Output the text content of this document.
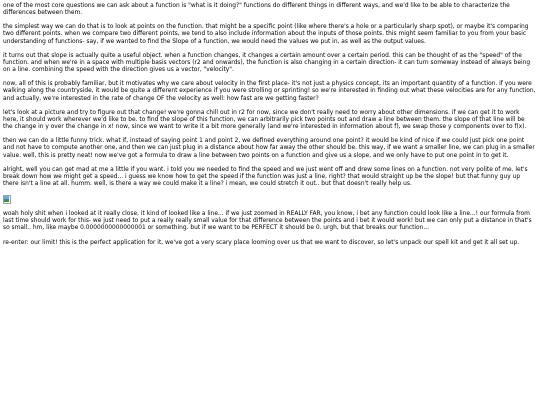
one of the most core questions we can ask about a function is "what is it doing?" functions do different things in different ways, and we'd like to be able to characterize the differences between them.

the simplest way we can do that is to look at points on the function. that might be a specific point (like where there's a hole or a particularly sharp spot), or maybe it's comparing two different points. when we compare two different points, we tend to also include information about the inputs of those points. this might seem familiar to you from your basic understanding of functions- say, if we wanted to find the Slope of a function, we would need the values we put in, as well as the output values.

it turns out that slope is actually quite a useful object. when a function changes, it changes a certain amount over a certain period. this can be thought of as the "speed" of the function. and when we're in a space with multiple basis vectors (r2 and onwards), the function is also changing in a certain direction- it can turn someway instead of always being on a line. combining the speed with the direction gives us a vector, "velocity".

now, all of this is probably familiar, but it motivates why we care about velocity in the first place- it's not just a physics concept, its an important quantity of a function. if you were walking along the countryside, it would be quite a different experience if you were strolling or sprinting! so we're interested in finding out what these velocities are for any function, and actually, we're interested in the rate of change OF the velocity as well: how fast are we getting faster?

let's look at a picture and try to figure out that change! we're gonna chill out in r2 for now, since we don't really need to worry about other dimensions. if we can get it to work here, it should work wherever we'd like to be. to find the slope of this function, we can arbitrarily pick two points out and draw a line between them. the slope of that line will be the change in y over the change in x! now, since we want to write it a bit more generally (and we're interested in information about f), we swap those y components over to f(x).

then we can do a little funny trick. what if, instead of saying point 1 and point 2, we defined everything around one point? it would be kind of nice if we could just pick one point and not have to compute another one, and then we can just plug in a distance about how far away the other should be. this way, if we want a smaller line, we can plug in a smaller value. well, this is pretty neat! now we've got a formula to draw a line between two points on a function and give us a slope, and we only have to put one point in to get it.

alright, well you can get mad at me a little if you want. i told you we needed to find the speed and we just went off and drew some lines on a function. not very polite of me. let's break down how we might get a speed... i guess we know how to get the speed if the function was just a line, right? that would straight up be the slope! but that funny guy up there isn't a line at all. humm. well, is there a way we could make it a line? i mean, we could stretch it out.. but that doesn't really help us.

woah holy shit when i looked at it really close, it kind of looked like a line... if we just zoomed in REALLY FAR, you know, i bet any function could look like a line...! our formula from last time should work for this- we just need to put a really really small value for that difference between the points and i bet it would work! but we can only put a distance in that's so small.. hm, like maybe 0.0000000000000001 or something. but if we want to be PERFECT it should be 0. urgh, but that breaks our function...

re-enter: our limit! this is the perfect application for it, we've got a very scary place looming over us that we want to discover, so let's unpack our spell kit and get it all set up.
